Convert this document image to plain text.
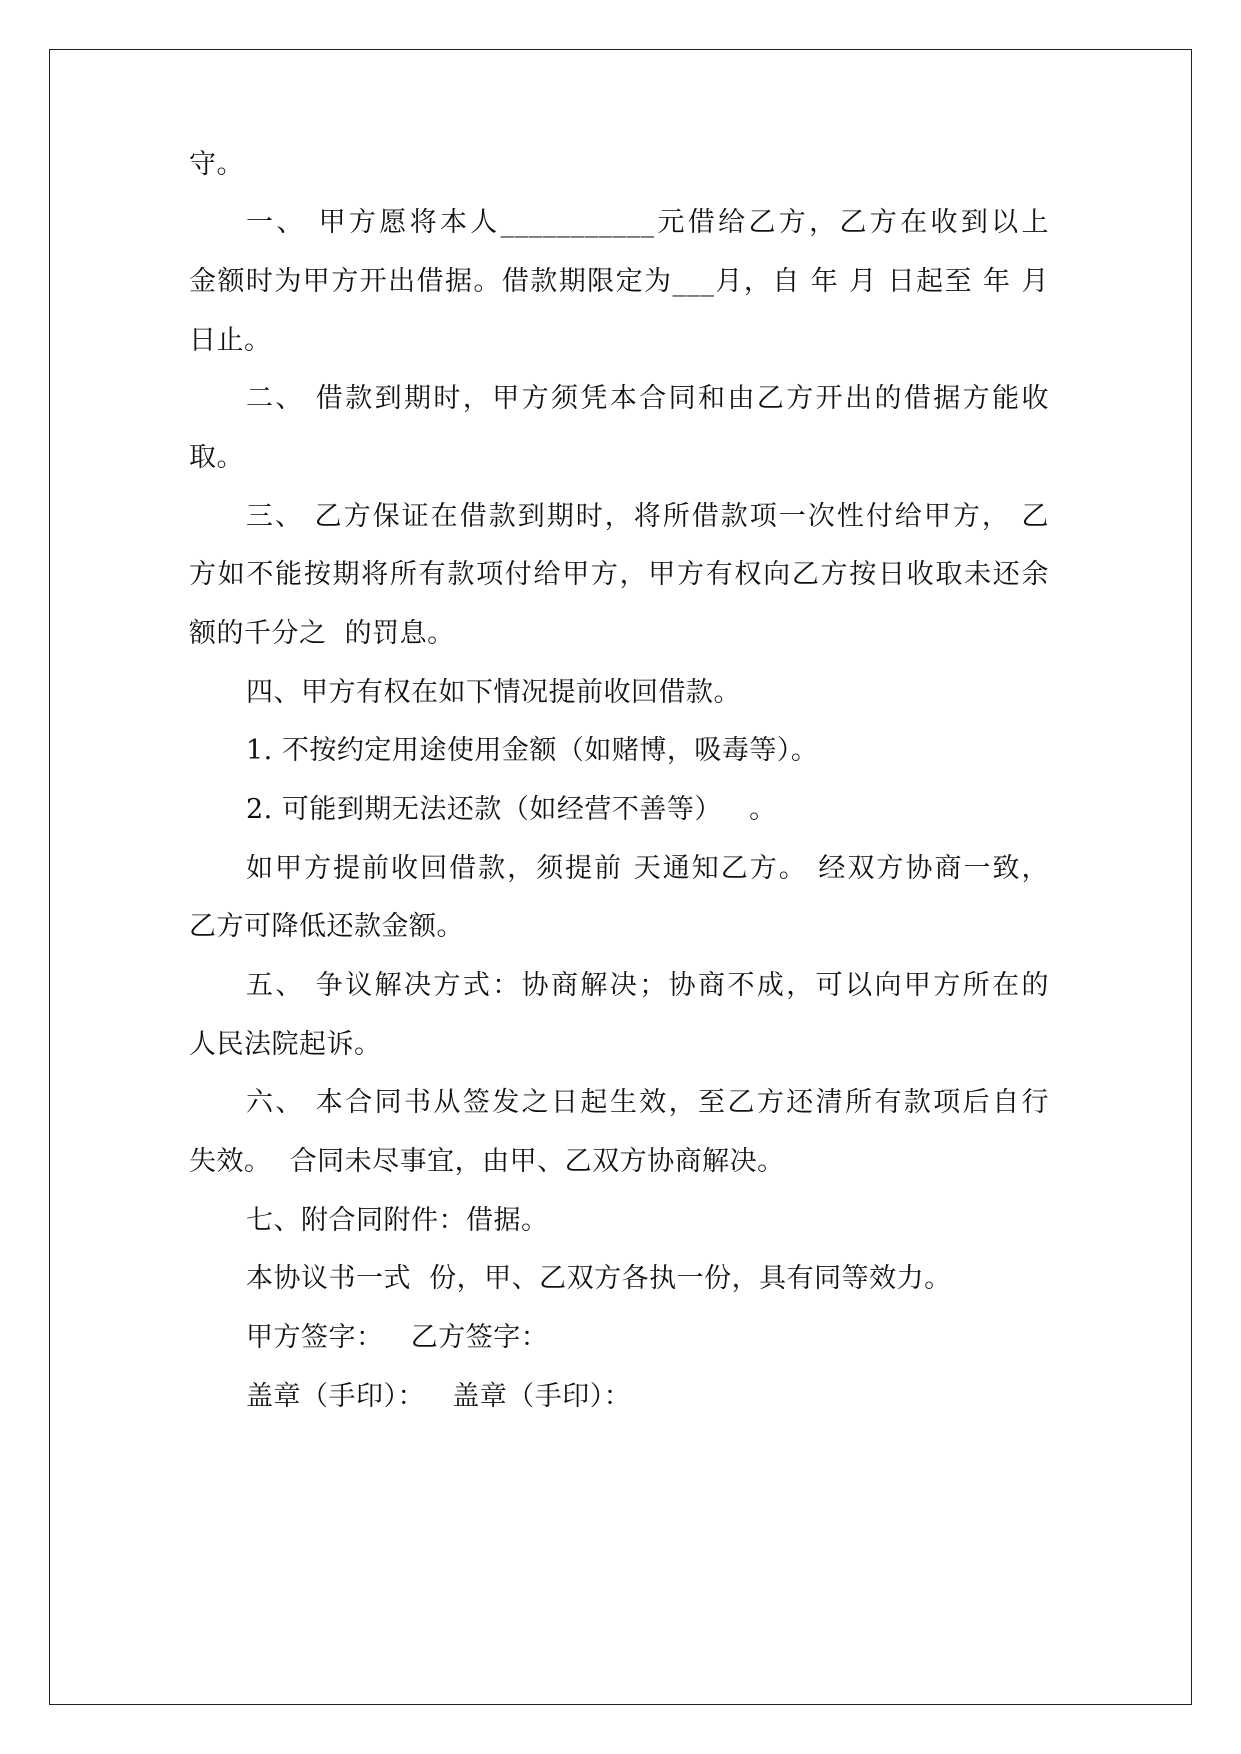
守。
一、 甲方愿将本人___________元借给乙方，乙方在收到以上
金额时为甲方开出借据。借款期限定为___月，自 年 月 日起至 年 月
日止。
二、 借款到期时，甲方须凭本合同和由乙方开出的借据方能收
取。
三、 乙方保证在借款到期时，将所借款项一次性付给甲方， 乙
方如不能按期将所有款项付给甲方，甲方有权向乙方按日收取未还余
额的千分之  的罚息。
四、甲方有权在如下情况提前收回借款。
1. 不按约定用途使用金额（如赌博，吸毒等）。
2. 可能到期无法还款（如经营不善等）   。
如甲方提前收回借款，须提前 天通知乙方。 经双方协商一致，
乙方可降低还款金额。
五、 争议解决方式：协商解决；协商不成，可以向甲方所在的
人民法院起诉。
六、 本合同书从签发之日起生效，至乙方还清所有款项后自行
失效。  合同未尽事宜，由甲、乙双方协商解决。
七、附合同附件：借据。
本协议书一式  份，甲、乙双方各执一份，具有同等效力。
甲方签字：   乙方签字：
盖章（手印）：   盖章（手印）：
